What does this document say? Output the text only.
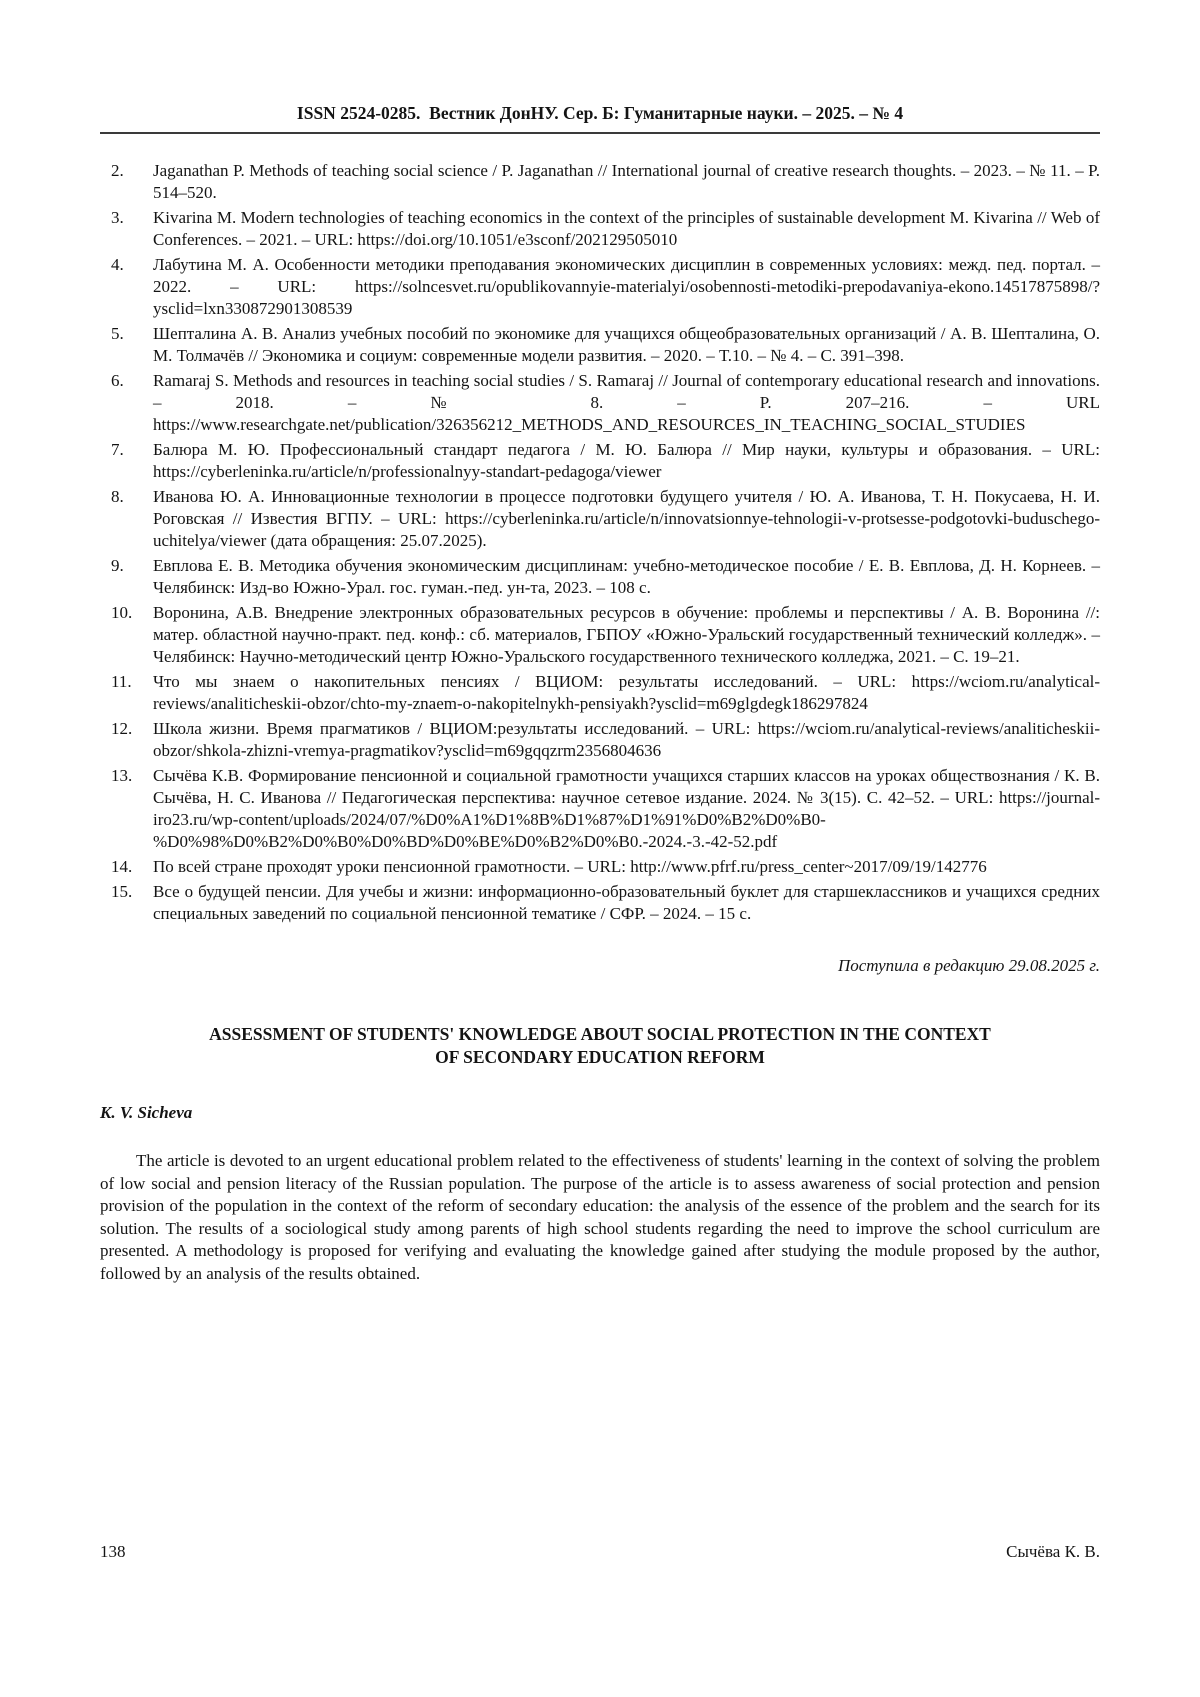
ISSN 2524-0285.  Вестник ДонНУ. Сер. Б: Гуманитарные науки. – 2025. – № 4
2.	Jaganathan P. Methods of teaching social science / P. Jaganathan // International journal of creative research thoughts. – 2023. – № 11. – P. 514–520.
3.	Kivarina M. Modern technologies of teaching economics in the context of the principles of sustainable development M. Kivarina // Web of Conferences. – 2021. – URL: https://doi.org/10.1051/e3sconf/202129505010
4.	Лабутина М. А. Особенности методики преподавания экономических дисциплин в современных условиях: межд. пед. портал. – 2022. – URL: https://solncesvet.ru/opublikovannyie-materialyi/osobennosti-metodiki-prepodavaniya-ekono.14517875898/?ysclid=lxn330872901308539
5.	Шепталина А. В. Анализ учебных пособий по экономике для учащихся общеобразовательных организаций / А. В. Шепталина, О. М. Толмачёв // Экономика и социум: современные модели развития. – 2020. – Т.10. – № 4. – С. 391–398.
6.	Ramaraj S. Methods and resources in teaching social studies / S. Ramaraj // Journal of contemporary educational research and innovations. – 2018. – № 8. – P. 207–216. – URL https://www.researchgate.net/publication/326356212_METHODS_AND_RESOURCES_IN_TEACHING_SOCIAL_STUDIES
7.	Балюра М. Ю. Профессиональный стандарт педагога / М. Ю. Балюра // Мир науки, культуры и образования. – URL: https://cyberleninka.ru/article/n/professionalnyy-standart-pedagoga/viewer
8.	Иванова Ю. А. Инновационные технологии в процессе подготовки будущего учителя / Ю. А. Иванова, Т. Н. Покусаева, Н. И. Роговская // Известия ВГПУ. – URL: https://cyberleninka.ru/article/n/innovatsionnye-tehnologii-v-protsesse-podgotovki-buduschego-uchitelya/viewer (дата обращения: 25.07.2025).
9.	Евплова Е. В. Методика обучения экономическим дисциплинам: учебно-методическое пособие / Е. В. Евплова, Д. Н. Корнеев. – Челябинск: Изд-во Южно-Урал. гос. гуман.-пед. ун-та, 2023. – 108 с.
10.	Воронина, А.В. Внедрение электронных образовательных ресурсов в обучение: проблемы и перспективы / А. В. Воронина //: матер. областной научно-практ. пед. конф.: сб. материалов, ГБПОУ «Южно-Уральский государственный технический колледж». – Челябинск: Научно-методический центр Южно-Уральского государственного технического колледжа, 2021. – С. 19–21.
11.	Что мы знаем о накопительных пенсиях / ВЦИОМ: результаты исследований. – URL: https://wciom.ru/analytical-reviews/analiticheskii-obzor/chto-my-znaem-o-nakopitelnykh-pensiyakh?ysclid=m69glgdegk186297824
12.	Школа жизни. Время прагматиков / ВЦИОМ:результаты исследований. – URL: https://wciom.ru/analytical-reviews/analiticheskii-obzor/shkola-zhizni-vremya-pragmatikov?ysclid=m69gqqzrm2356804636
13.	Сычёва К.В. Формирование пенсионной и социальной грамотности учащихся старших классов на уроках обществознания / К. В. Сычёва, Н. С. Иванова // Педагогическая перспектива: научное сетевое издание. 2024. № 3(15). С. 42–52. – URL: https://journal-iro23.ru/wp-content/uploads/2024/07/%D0%A1%D1%8B%D1%87%D1%91%D0%B2%D0%B0-%D0%98%D0%B2%D0%B0%D0%BD%D0%BE%D0%B2%D0%B0.-2024.-3.-42-52.pdf
14.	По всей стране проходят уроки пенсионной грамотности. – URL: http://www.pfrf.ru/press_center~2017/09/19/142776
15.	Все о будущей пенсии. Для учебы и жизни: информационно-образовательный буклет для старшеклассников и учащихся средних специальных заведений по социальной пенсионной тематике / СФР. – 2024. – 15 с.
Поступила в редакцию 29.08.2025 г.
ASSESSMENT OF STUDENTS' KNOWLEDGE ABOUT SOCIAL PROTECTION IN THE CONTEXT
OF SECONDARY EDUCATION REFORM
K. V. Sicheva

The article is devoted to an urgent educational problem related to the effectiveness of students' learning in the context of solving the problem of low social and pension literacy of the Russian population. The purpose of the article is to assess awareness of social protection and pension provision of the population in the context of the reform of secondary education: the analysis of the essence of the problem and the search for its solution. The results of a sociological study among parents of high school students regarding the need to improve the school curriculum are presented. A methodology is proposed for verifying and evaluating the knowledge gained after studying the module proposed by the author, followed by an analysis of the results obtained.

138	Сычёва К. В.
